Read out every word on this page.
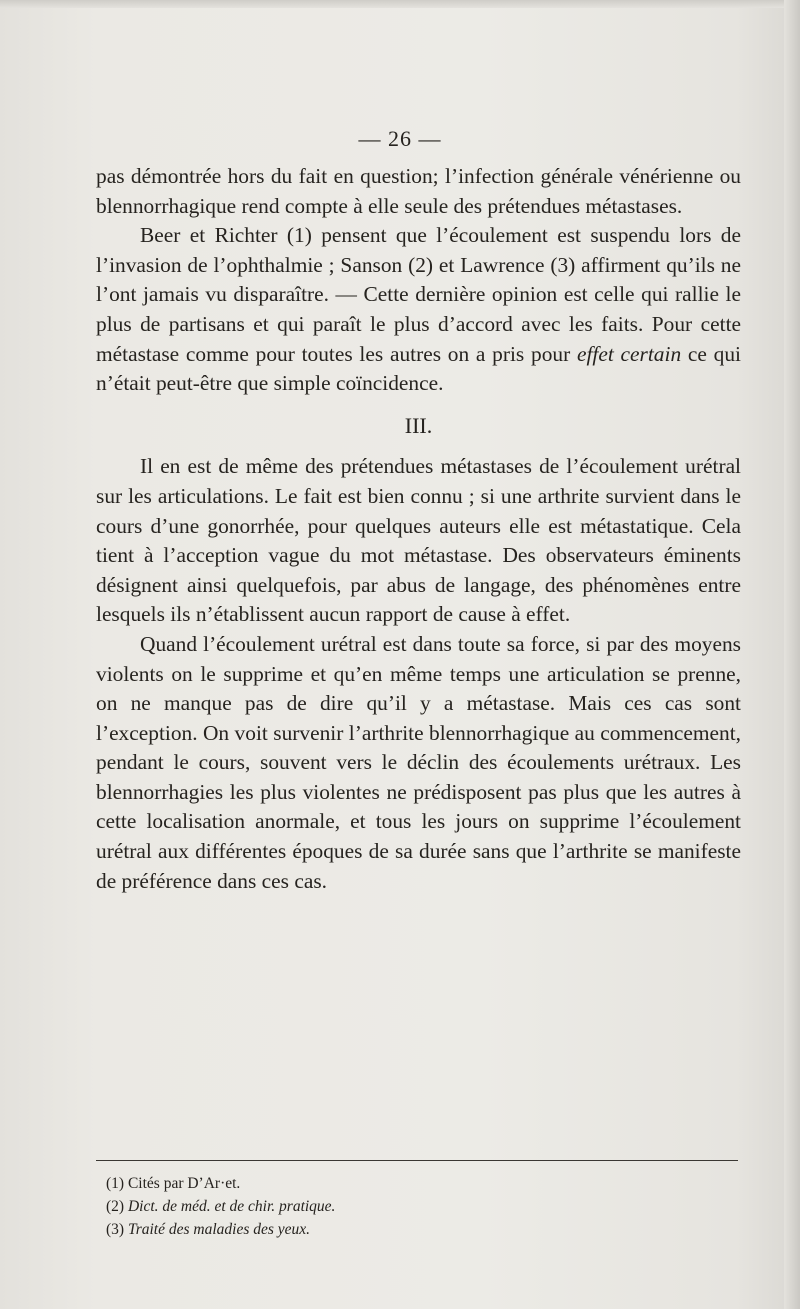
— 26 —

pas démontrée hors du fait en question; l’infection générale vénérienne ou blennorrhagique rend compte à elle seule des prétendues métastases.

Beer et Richter (1) pensent que l’écoulement est suspendu lors de l’invasion de l’ophthalmie ; Sanson (2) et Lawrence (3) affirment qu’ils ne l’ont jamais vu disparaître. — Cette dernière opinion est celle qui rallie le plus de partisans et qui paraît le plus d’accord avec les faits. Pour cette métastase comme pour toutes les autres on a pris pour effet certain ce qui n’était peut-être que simple coïncidence.

III.

Il en est de même des prétendues métastases de l’écoulement urétral sur les articulations. Le fait est bien connu ; si une arthrite survient dans le cours d’une gonorrhée, pour quelques auteurs elle est métastatique. Cela tient à l’acception vague du mot métastase. Des observateurs éminents désignent ainsi quelquefois, par abus de langage, des phénomènes entre lesquels ils n’établissent aucun rapport de cause à effet.

Quand l’écoulement urétral est dans toute sa force, si par des moyens violents on le supprime et qu’en même temps une articulation se prenne, on ne manque pas de dire qu’il y a métastase. Mais ces cas sont l’exception. On voit survenir l’arthrite blennorrhagique au commencement, pendant le cours, souvent vers le déclin des écoulements urétraux. Les blennorrhagies les plus violentes ne prédisposent pas plus que les autres à cette localisation anormale, et tous les jours on supprime l’écoulement urétral aux différentes époques de sa durée sans que l’arthrite se manifeste de préférence dans ces cas.

(1) Cités par D’Ar·et.
(2) Dict. de méd. et de chir. pratique.
(3) Traité des maladies des yeux.
